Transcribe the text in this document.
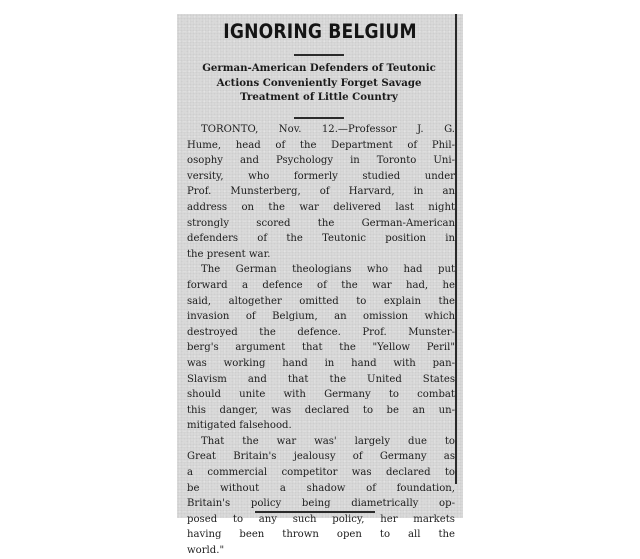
IGNORING BELGIUM
German-American Defenders of Teutonic
Actions Conveniently Forget Savage
Treatment of Little Country
TORONTO, Nov. 12.—Professor J. G.
Hume, head of the Department of Phil-
osophy and Psychology in Toronto Uni-
versity, who formerly studied under
Prof. Munsterberg, of Harvard, in an
address on the war delivered last night
strongly scored the German-American
defenders of the Teutonic position in
the present war.
The German theologians who had put
forward a defence of the war had, he
said, altogether omitted to explain the
invasion of Belgium, an omission which
destroyed the defence. Prof. Munster-
berg's argument that the "Yellow Peril"
was working hand in hand with pan-
Slavism and that the United States
should unite with Germany to combat
this danger, was declared to be an un-
mitigated falsehood.
That the war was' largely due to
Great Britain's jealousy of Germany as
a commercial competitor was declared to
be without a shadow of foundation,
Britain's policy being diametrically op-
posed to any such policy, her markets
having been thrown open to all the
world."
